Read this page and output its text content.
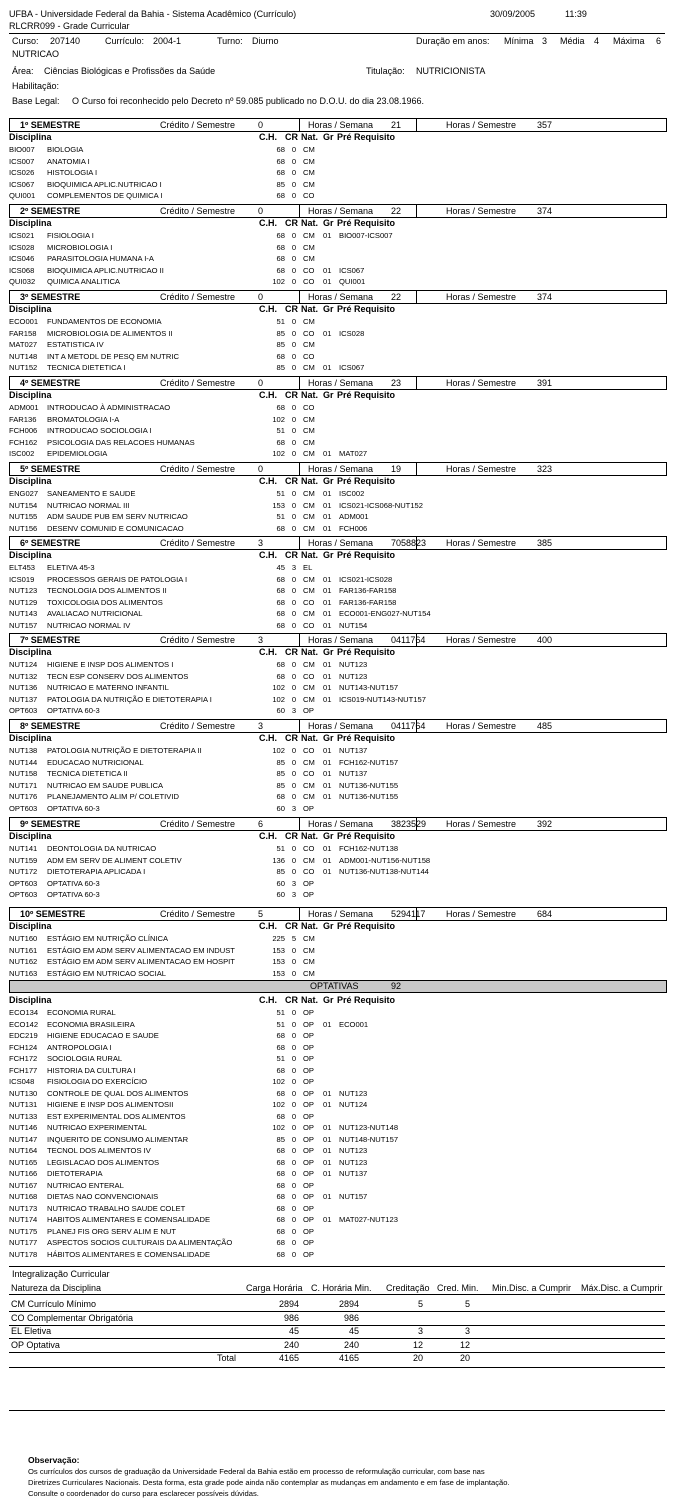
UFBA - Universidade Federal da Bahia - Sistema Acadêmico (Currículo)	30/09/2005	11:39
RLCRR099 - Grade Curricular
Curso: 207140	Currículo: 2004-1	Turno: Diurno	Duração em anos: Mínima 3 Média 4 Máxima 6
NUTRICAO
Área: Ciências Biológicas e Profissões da Saúde	Titulação: NUTRICIONISTA
Habilitação:
Base Legal: O Curso foi reconhecido pelo Decreto nº 59.085 publicado no D.O.U. do dia 23.08.1966.
1º SEMESTRE	Crédito / Semestre	0	Horas / Semana 21	Horas / Semestre 357
Disciplina	C.H. CR Nat. Gr Pré Requisito
BIO007 BIOLOGIA	68 0 CM
ICS007 ANATOMIA I	68 0 CM
ICS026 HISTOLOGIA I	68 0 CM
ICS067 BIOQUIMICA APLIC.NUTRICAO I	85 0 CM
QUI001 COMPLEMENTOS DE QUIMICA I	68 0 CO
2º SEMESTRE	Crédito / Semestre	0	Horas / Semana 22	Horas / Semestre 374
Disciplina	C.H. CR Nat. Gr Pré Requisito
ICS021 FISIOLOGIA I	68 0 CM 01 BIO007-ICS007
ICS028 MICROBIOLOGIA I	68 0 CM
ICS046 PARASITOLOGIA HUMANA I-A	68 0 CM
ICS068 BIOQUIMICA APLIC.NUTRICAO II	68 0 CO 01 ICS067
QUI032 QUIMICA ANALITICA	102 0 CO 01 QUI001
3º SEMESTRE	Crédito / Semestre	0	Horas / Semana 22	Horas / Semestre 374
Disciplina	C.H. CR Nat. Gr Pré Requisito
ECO001 FUNDAMENTOS DE ECONOMIA	51 0 CM
FAR158 MICROBIOLOGIA DE ALIMENTOS II	85 0 CO 01 ICS028
MAT027 ESTATISTICA IV	85 0 CM
NUT148 INT A METODL DE PESQ EM NUTRIC	68 0 CO
NUT152 TECNICA DIETETICA I	85 0 CM 01 ICS067
4º SEMESTRE	Crédito / Semestre	0	Horas / Semana 23	Horas / Semestre 391
Disciplina	C.H. CR Nat. Gr Pré Requisito
ADM001 INTRODUCAO À ADMINISTRACAO	68 0 CO
FAR136 BROMATOLOGIA I-A	102 0 CM
FCH006 INTRODUCAO SOCIOLOGIA I	51 0 CM
FCH162 PSICOLOGIA DAS RELACOES HUMANAS	68 0 CM
ISC002 EPIDEMIOLOGIA	102 0 CM 01 MAT027
5º SEMESTRE	Crédito / Semestre	0	Horas / Semana 19	Horas / Semestre 323
Disciplina	C.H. CR Nat. Gr Pré Requisito
ENG027 SANEAMENTO E SAUDE	51 0 CM 01 ISC002
NUT154 NUTRICAO NORMAL III	153 0 CM 01 ICS021-ICS068-NUT152
NUT155 ADM SAUDE PUB EM SERV NUTRICAO	51 0 CM 01 ADM001
NUT156 DESENV COMUNID E COMUNICACAO	68 0 CM 01 FCH006
6º SEMESTRE	Crédito / Semestre	3	Horas / Semana 7058823 Horas / Semestre 385
Disciplina	C.H. CR Nat. Gr Pré Requisito
ELT453 ELETIVA 45-3	45 3 EL
ICS019 PROCESSOS GERAIS DE PATOLOGIA I	68 0 CM 01 ICS021-ICS028
NUT123 TECNOLOGIA DOS ALIMENTOS II	68 0 CM 01 FAR136-FAR158
NUT129 TOXICOLOGIA DOS ALIMENTOS	68 0 CO 01 FAR136-FAR158
NUT143 AVALIACAO NUTRICIONAL	68 0 CM 01 ECO001-ENG027-NUT154
NUT157 NUTRICAO NORMAL IV	68 0 CO 01 NUT154
7º SEMESTRE	Crédito / Semestre	3	Horas / Semana 0411764 Horas / Semestre 400
Disciplina	C.H. CR Nat. Gr Pré Requisito
NUT124 HIGIENE E INSP DOS ALIMENTOS I	68 0 CM 01 NUT123
NUT132 TECN ESP CONSERV DOS ALIMENTOS	68 0 CO 01 NUT123
NUT136 NUTRICAO E MATERNO INFANTIL	102 0 CM 01 NUT143-NUT157
NUT137 PATOLOGIA DA NUTRIÇÃO E DIETOTERAPIA I	102 0 CM 01 ICS019-NUT143-NUT157
OPT603 OPTATIVA 60-3	60 3 OP
8º SEMESTRE	Crédito / Semestre	3	Horas / Semana 0411764 Horas / Semestre 485
Disciplina	C.H. CR Nat. Gr Pré Requisito
NUT138 PATOLOGIA NUTRIÇÃO E DIETOTERAPIA II	102 0 CO 01 NUT137
NUT144 EDUCACAO NUTRICIONAL	85 0 CM 01 FCH162-NUT157
NUT158 TECNICA DIETETICA II	85 0 CO 01 NUT137
NUT171 NUTRICAO EM SAUDE PUBLICA	85 0 CM 01 NUT136-NUT155
NUT176 PLANEJAMENTO ALIM P/ COLETIVID	68 0 CM 01 NUT136-NUT155
OPT603 OPTATIVA 60-3	60 3 OP
9º SEMESTRE	Crédito / Semestre	6	Horas / Semana 3823529 Horas / Semestre 392
Disciplina	C.H. CR Nat. Gr Pré Requisito
NUT141 DEONTOLOGIA DA NUTRICAO	51 0 CO 01 FCH162-NUT138
NUT159 ADM EM SERV DE ALIMENT COLETIV	136 0 CM 01 ADM001-NUT156-NUT158
NUT172 DIETOTERAPIA APLICADA I	85 0 CO 01 NUT136-NUT138-NUT144
OPT603 OPTATIVA 60-3	60 3 OP
OPT603 OPTATIVA 60-3	60 3 OP
10º SEMESTRE	Crédito / Semestre	5	Horas / Semana 5294117 Horas / Semestre 684
Disciplina	C.H. CR Nat. Gr Pré Requisito
NUT160 ESTÁGIO EM NUTRIÇÃO CLÍNICA	225 5 CM
NUT161 ESTÁGIO EM ADM SERV ALIMENTACAO EM INDUST	153 0 CM
NUT162 ESTÁGIO EM ADM SERV ALIMENTACAO EM HOSPIT	153 0 CM
NUT163 ESTÁGIO EM NUTRICAO SOCIAL	153 0 CM
OPTATIVAS	92
Disciplina	C.H. CR Nat. Gr Pré Requisito
ECO134 ECONOMIA RURAL	51 0 OP
ECO142 ECONOMIA BRASILEIRA	51 0 OP 01 ECO001
EDC219 HIGIENE EDUCACAO E SAUDE	68 0 OP
FCH124 ANTROPOLOGIA I	68 0 OP
FCH172 SOCIOLOGIA RURAL	51 0 OP
FCH177 HISTORIA DA CULTURA I	68 0 OP
ICS048 FISIOLOGIA DO EXERCÍCIO	102 0 OP
NUT130 CONTROLE DE QUAL DOS ALIMENTOS	68 0 OP 01 NUT123
NUT131 HIGIENE E INSP DOS ALIMENTOSII	102 0 OP 01 NUT124
NUT133 EST EXPERIMENTAL DOS ALIMENTOS	68 0 OP
NUT146 NUTRICAO EXPERIMENTAL	102 0 OP 01 NUT123-NUT148
NUT147 INQUERITO DE CONSUMO ALIMENTAR	85 0 OP 01 NUT148-NUT157
NUT164 TECNOL DOS ALIMENTOS IV	68 0 OP 01 NUT123
NUT165 LEGISLACAO DOS ALIMENTOS	68 0 OP 01 NUT123
NUT166 DIETOTERAPIA	68 0 OP 01 NUT137
NUT167 NUTRICAO ENTERAL	68 0 OP
NUT168 DIETAS NAO CONVENCIONAIS	68 0 OP 01 NUT157
NUT173 NUTRICAO TRABALHO SAUDE COLET	68 0 OP
NUT174 HABITOS ALIMENTARES E COMENSALIDADE	68 0 OP 01 MAT027-NUT123
NUT175 PLANEJ FIS ORG SERV ALIM E NUT	68 0 OP
NUT177 ASPECTOS SOCIOS CULTURAIS DA ALIMENTAÇÃO	68 0 OP
NUT178 HÁBITOS ALIMENTARES E COMENSALIDADE	68 0 OP
Integralização Curricular
Natureza da Disciplina	Carga Horária C. Horária Min. Creditação Cred. Min. Min.Disc. a Cumprir Máx.Disc. a Cumprir
CM Currículo Mínimo	2894	2894	5	5
CO Complementar Obrigatória	986	986
EL Eletiva	45	45	3	3
OP Optativa	240	240	12	12
Total	4165	4165	20	20
Observação:
Os currículos dos cursos de graduação da Universidade Federal da Bahia estão em processo de reformulação curricular, com base nas
Diretrizes Curriculares Nacionais. Desta forma, esta grade pode ainda não contemplar as mudanças em andamento e em fase de implantação.
Consulte o coordenador do curso para esclarecer possíveis dúvidas.
